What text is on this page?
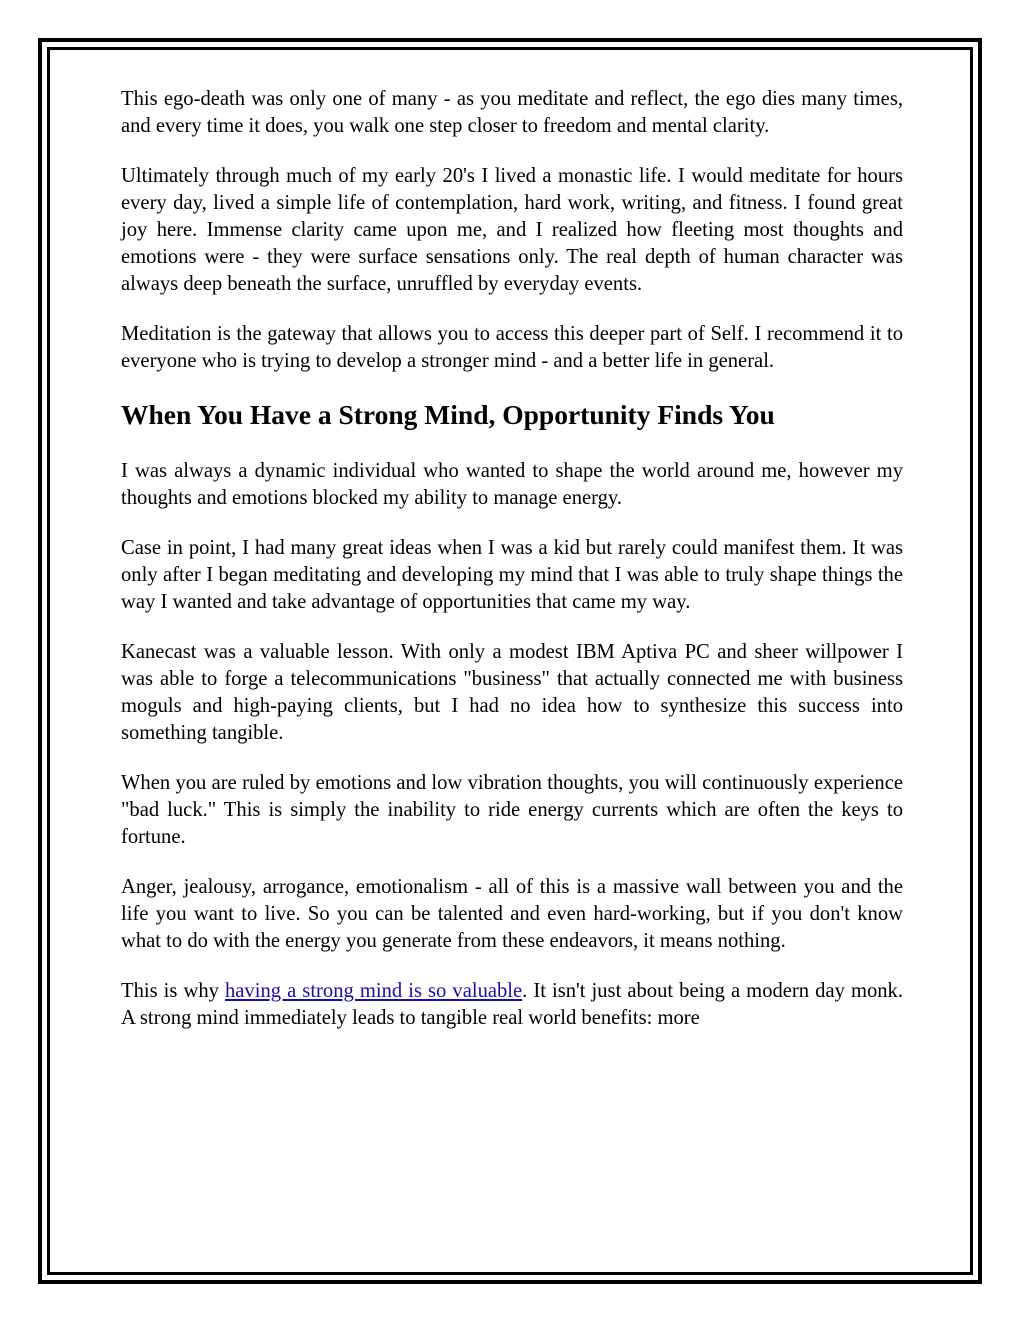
This ego-death was only one of many - as you meditate and reflect, the ego dies many times, and every time it does, you walk one step closer to freedom and mental clarity.

Ultimately through much of my early 20's I lived a monastic life. I would meditate for hours every day, lived a simple life of contemplation, hard work, writing, and fitness. I found great joy here. Immense clarity came upon me, and I realized how fleeting most thoughts and emotions were - they were surface sensations only. The real depth of human character was always deep beneath the surface, unruffled by everyday events.

Meditation is the gateway that allows you to access this deeper part of Self. I recommend it to everyone who is trying to develop a stronger mind - and a better life in general.

When You Have a Strong Mind, Opportunity Finds You

I was always a dynamic individual who wanted to shape the world around me, however my thoughts and emotions blocked my ability to manage energy.

Case in point, I had many great ideas when I was a kid but rarely could manifest them. It was only after I began meditating and developing my mind that I was able to truly shape things the way I wanted and take advantage of opportunities that came my way.

Kanecast was a valuable lesson. With only a modest IBM Aptiva PC and sheer willpower I was able to forge a telecommunications "business" that actually connected me with business moguls and high-paying clients, but I had no idea how to synthesize this success into something tangible.

When you are ruled by emotions and low vibration thoughts, you will continuously experience "bad luck." This is simply the inability to ride energy currents which are often the keys to fortune.

Anger, jealousy, arrogance, emotionalism - all of this is a massive wall between you and the life you want to live. So you can be talented and even hard-working, but if you don't know what to do with the energy you generate from these endeavors, it means nothing.

This is why having a strong mind is so valuable. It isn't just about being a modern day monk. A strong mind immediately leads to tangible real world benefits: more
